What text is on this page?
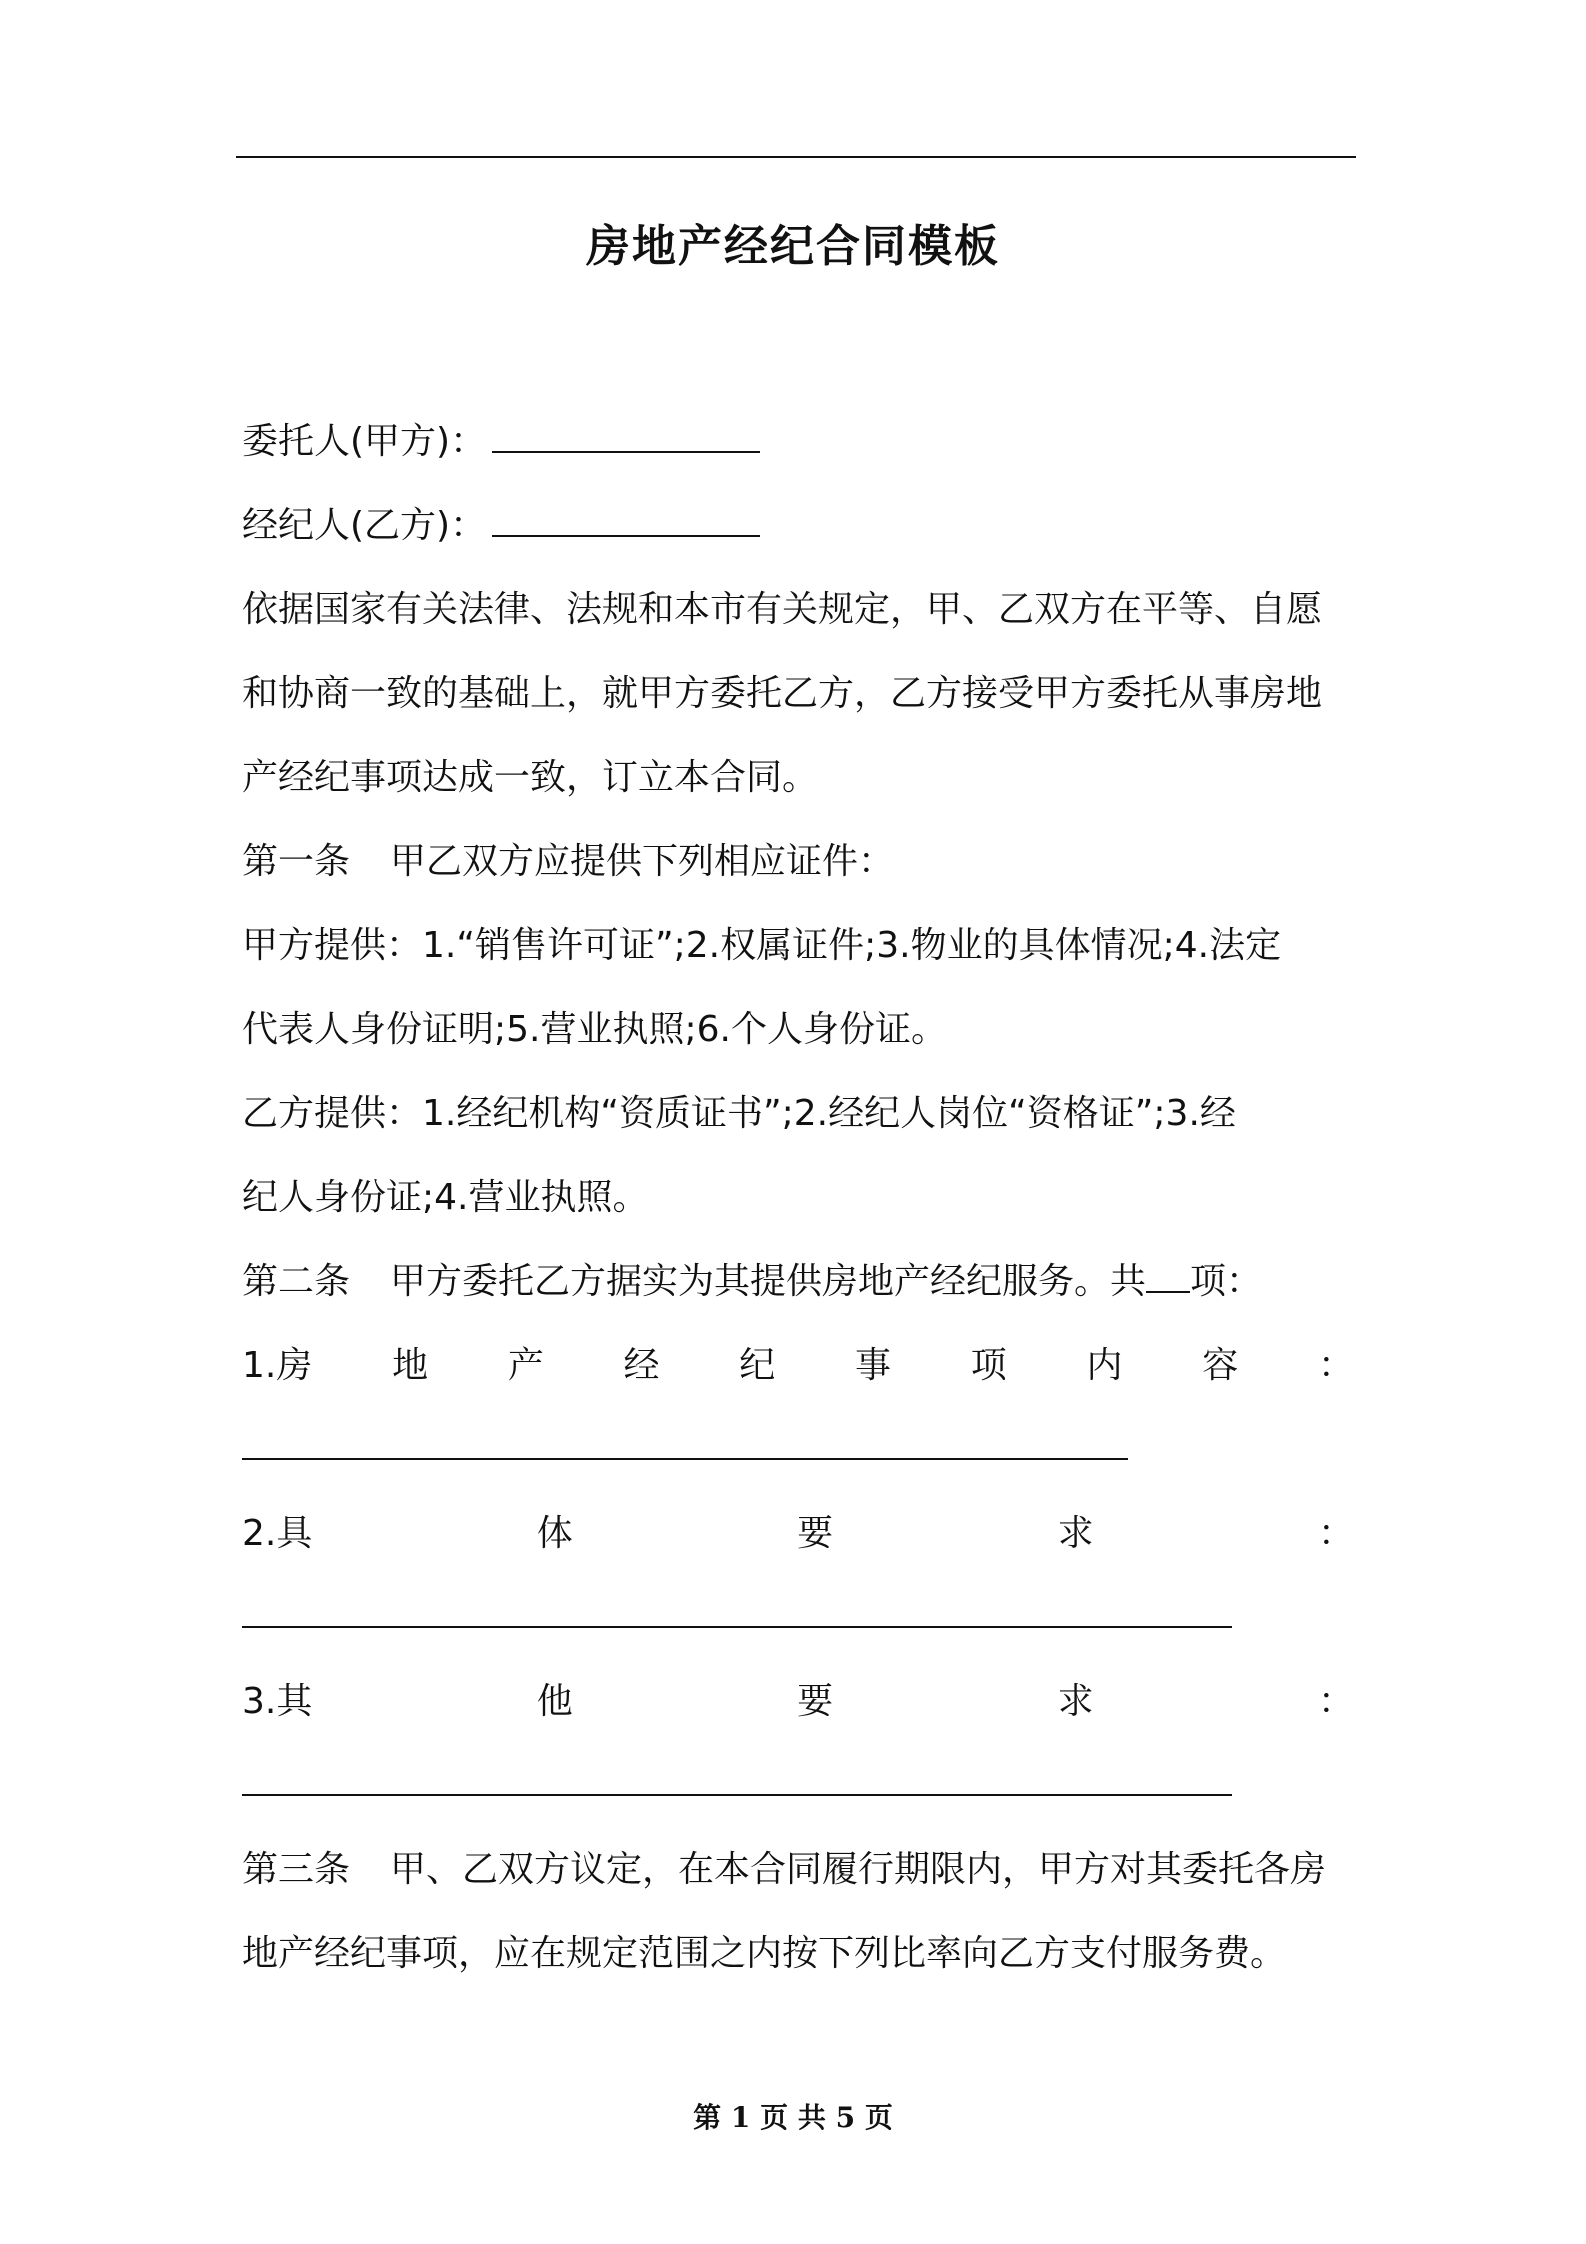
房地产经纪合同模板
委托人(甲方)：
经纪人(乙方)：
依据国家有关法律、法规和本市有关规定，甲、乙双方在平等、自愿
和协商一致的基础上，就甲方委托乙方，乙方接受甲方委托从事房地
产经纪事项达成一致，订立本合同。
第一条 甲乙双方应提供下列相应证件：
甲方提供：1.“销售许可证”;2.权属证件;3.物业的具体情况;4.法定
代表人身份证明;5.营业执照;6.个人身份证。
乙方提供：1.经纪机构“资质证书”;2.经纪人岗位“资格证”;3.经
纪人身份证;4.营业执照。
第二条 甲方委托乙方据实为其提供房地产经纪服务。共 项：
1.房 地 产 经 纪 事 项 内 容 ：
2.具	体	要	求	：
3.其	他	要	求	：
第三条 甲、乙双方议定，在本合同履行期限内，甲方对其委托各房
地产经纪事项，应在规定范围之内按下列比率向乙方支付服务费。
第 1 页 共 5 页
